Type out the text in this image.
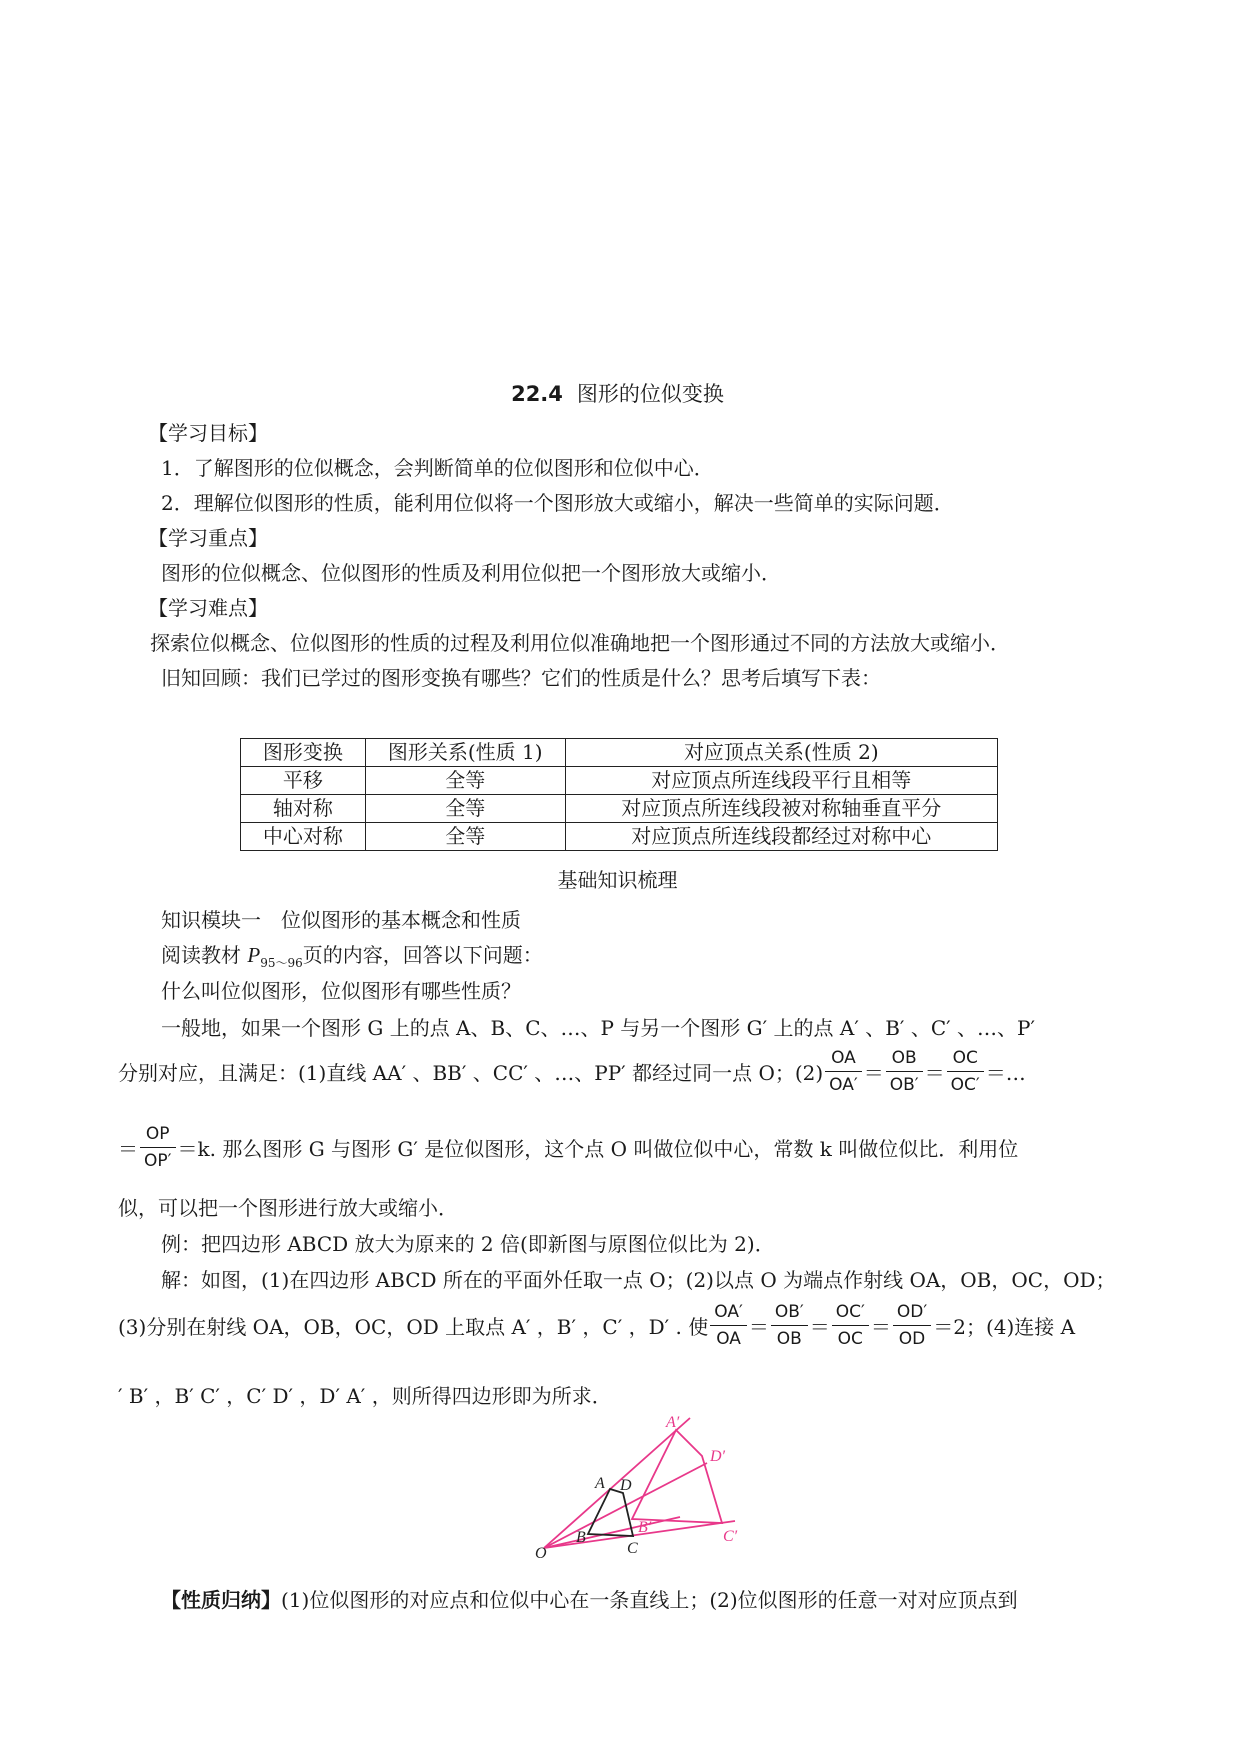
22.4 图形的位似变换
【学习目标】
1．了解图形的位似概念，会判断简单的位似图形和位似中心．
2．理解位似图形的性质，能利用位似将一个图形放大或缩小，解决一些简单的实际问题．
【学习重点】
图形的位似概念、位似图形的性质及利用位似把一个图形放大或缩小．
【学习难点】
探索位似概念、位似图形的性质的过程及利用位似准确地把一个图形通过不同的方法放大或缩小．
旧知回顾：我们已学过的图形变换有哪些？它们的性质是什么？思考后填写下表：
图形变换	图形关系(性质 1)	对应顶点关系(性质 2)
平移	全等	对应顶点所连线段平行且相等
轴对称	全等	对应顶点所连线段被对称轴垂直平分
中心对称	全等	对应顶点所连线段都经过对称中心
基础知识梳理
知识模块一　位似图形的基本概念和性质
阅读教材 $P_{95\sim 96}$页的内容，回答以下问题：
什么叫位似图形，位似图形有哪些性质？
一般地，如果一个图形 G 上的点 A、B、C、…、P 与另一个图形 G′ 上的点 A′ 、B′ 、C′ 、…、P′
分别对应，且满足：(1)直线 AA′ 、BB′ 、CC′ 、…、PP′ 都经过同一点 O；$(2) \frac{OA}{OA'} = \frac{OB}{OB'} = \frac{OC}{OC'}$ ＝…
＝ $\frac{OP}{OP'} =k$. 那么图形 G 与图形 G′ 是位似图形，这个点 O 叫做位似中心，常数 k 叫做位似比．利用位
似，可以把一个图形进行放大或缩小．
例：把四边形 ABCD 放大为原来的 2 倍(即新图与原图位似比为 2)．
解：如图，(1)在四边形 ABCD 所在的平面外任取一点 O；(2)以点 O 为端点作射线 OA，OB，OC，OD；
(3)分别在射线 OA，OB，OC，OD 上取点 A′ ，B′ ，C′ ，D′ . 使 $\frac{OA'}{OA} = \frac{OB'}{OB} = \frac{OC'}{OC} = \frac{OD'}{OD} =2$；(4)连接 A
′ B′ ，B′ C′ ，C′ D′ ，D′ A′ ，则所得四边形即为所求．
O
A D
B
C
A′
D′
B′
C′
【性质归纳】(1)位似图形的对应点和位似中心在一条直线上；(2)位似图形的任意一对对应顶点到
